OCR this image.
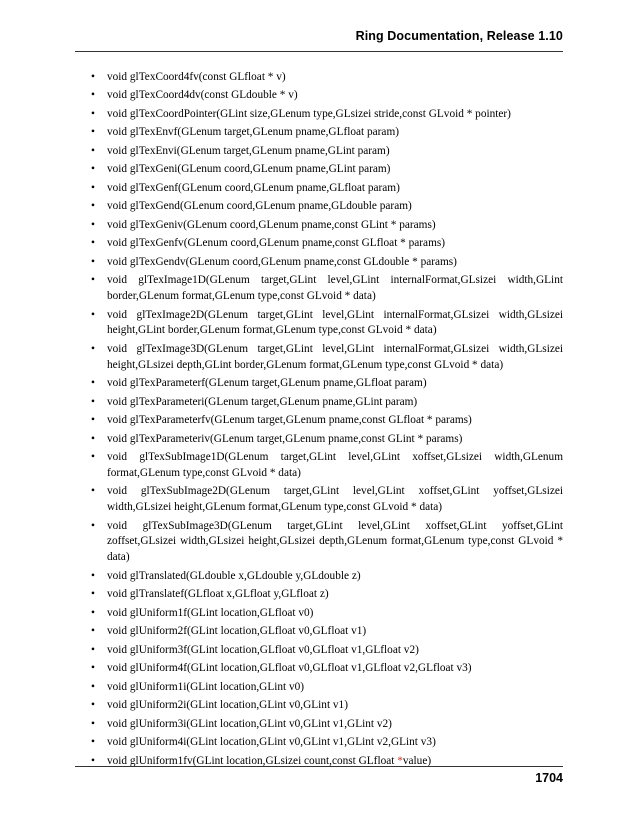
Ring Documentation, Release 1.10
• void glTexCoord4fv(const GLfloat * v)
• void glTexCoord4dv(const GLdouble * v)
• void glTexCoordPointer(GLint size,GLenum type,GLsizei stride,const GLvoid * pointer)
• void glTexEnvf(GLenum target,GLenum pname,GLfloat param)
• void glTexEnvi(GLenum target,GLenum pname,GLint param)
• void glTexGeni(GLenum coord,GLenum pname,GLint param)
• void glTexGenf(GLenum coord,GLenum pname,GLfloat param)
• void glTexGend(GLenum coord,GLenum pname,GLdouble param)
• void glTexGeniv(GLenum coord,GLenum pname,const GLint * params)
• void glTexGenfv(GLenum coord,GLenum pname,const GLfloat * params)
• void glTexGendv(GLenum coord,GLenum pname,const GLdouble * params)
• void glTexImage1D(GLenum target,GLint level,GLint internalFormat,GLsizei width,GLint border,GLenum format,GLenum type,const GLvoid * data)
• void glTexImage2D(GLenum target,GLint level,GLint internalFormat,GLsizei width,GLsizei height,GLint border,GLenum format,GLenum type,const GLvoid * data)
• void glTexImage3D(GLenum target,GLint level,GLint internalFormat,GLsizei width,GLsizei height,GLsizei depth,GLint border,GLenum format,GLenum type,const GLvoid * data)
• void glTexParameterf(GLenum target,GLenum pname,GLfloat param)
• void glTexParameteri(GLenum target,GLenum pname,GLint param)
• void glTexParameterfv(GLenum target,GLenum pname,const GLfloat * params)
• void glTexParameteriv(GLenum target,GLenum pname,const GLint * params)
• void glTexSubImage1D(GLenum target,GLint level,GLint xoffset,GLsizei width,GLenum format,GLenum type,const GLvoid * data)
• void glTexSubImage2D(GLenum target,GLint level,GLint xoffset,GLint yoffset,GLsizei width,GLsizei height,GLenum format,GLenum type,const GLvoid * data)
• void glTexSubImage3D(GLenum target,GLint level,GLint xoffset,GLint yoffset,GLint zoffset,GLsizei width,GLsizei height,GLsizei depth,GLenum format,GLenum type,const GLvoid * data)
• void glTranslated(GLdouble x,GLdouble y,GLdouble z)
• void glTranslatef(GLfloat x,GLfloat y,GLfloat z)
• void glUniform1f(GLint location,GLfloat v0)
• void glUniform2f(GLint location,GLfloat v0,GLfloat v1)
• void glUniform3f(GLint location,GLfloat v0,GLfloat v1,GLfloat v2)
• void glUniform4f(GLint location,GLfloat v0,GLfloat v1,GLfloat v2,GLfloat v3)
• void glUniform1i(GLint location,GLint v0)
• void glUniform2i(GLint location,GLint v0,GLint v1)
• void glUniform3i(GLint location,GLint v0,GLint v1,GLint v2)
• void glUniform4i(GLint location,GLint v0,GLint v1,GLint v2,GLint v3)
• void glUniform1fv(GLint location,GLsizei count,const GLfloat *value)
1704
